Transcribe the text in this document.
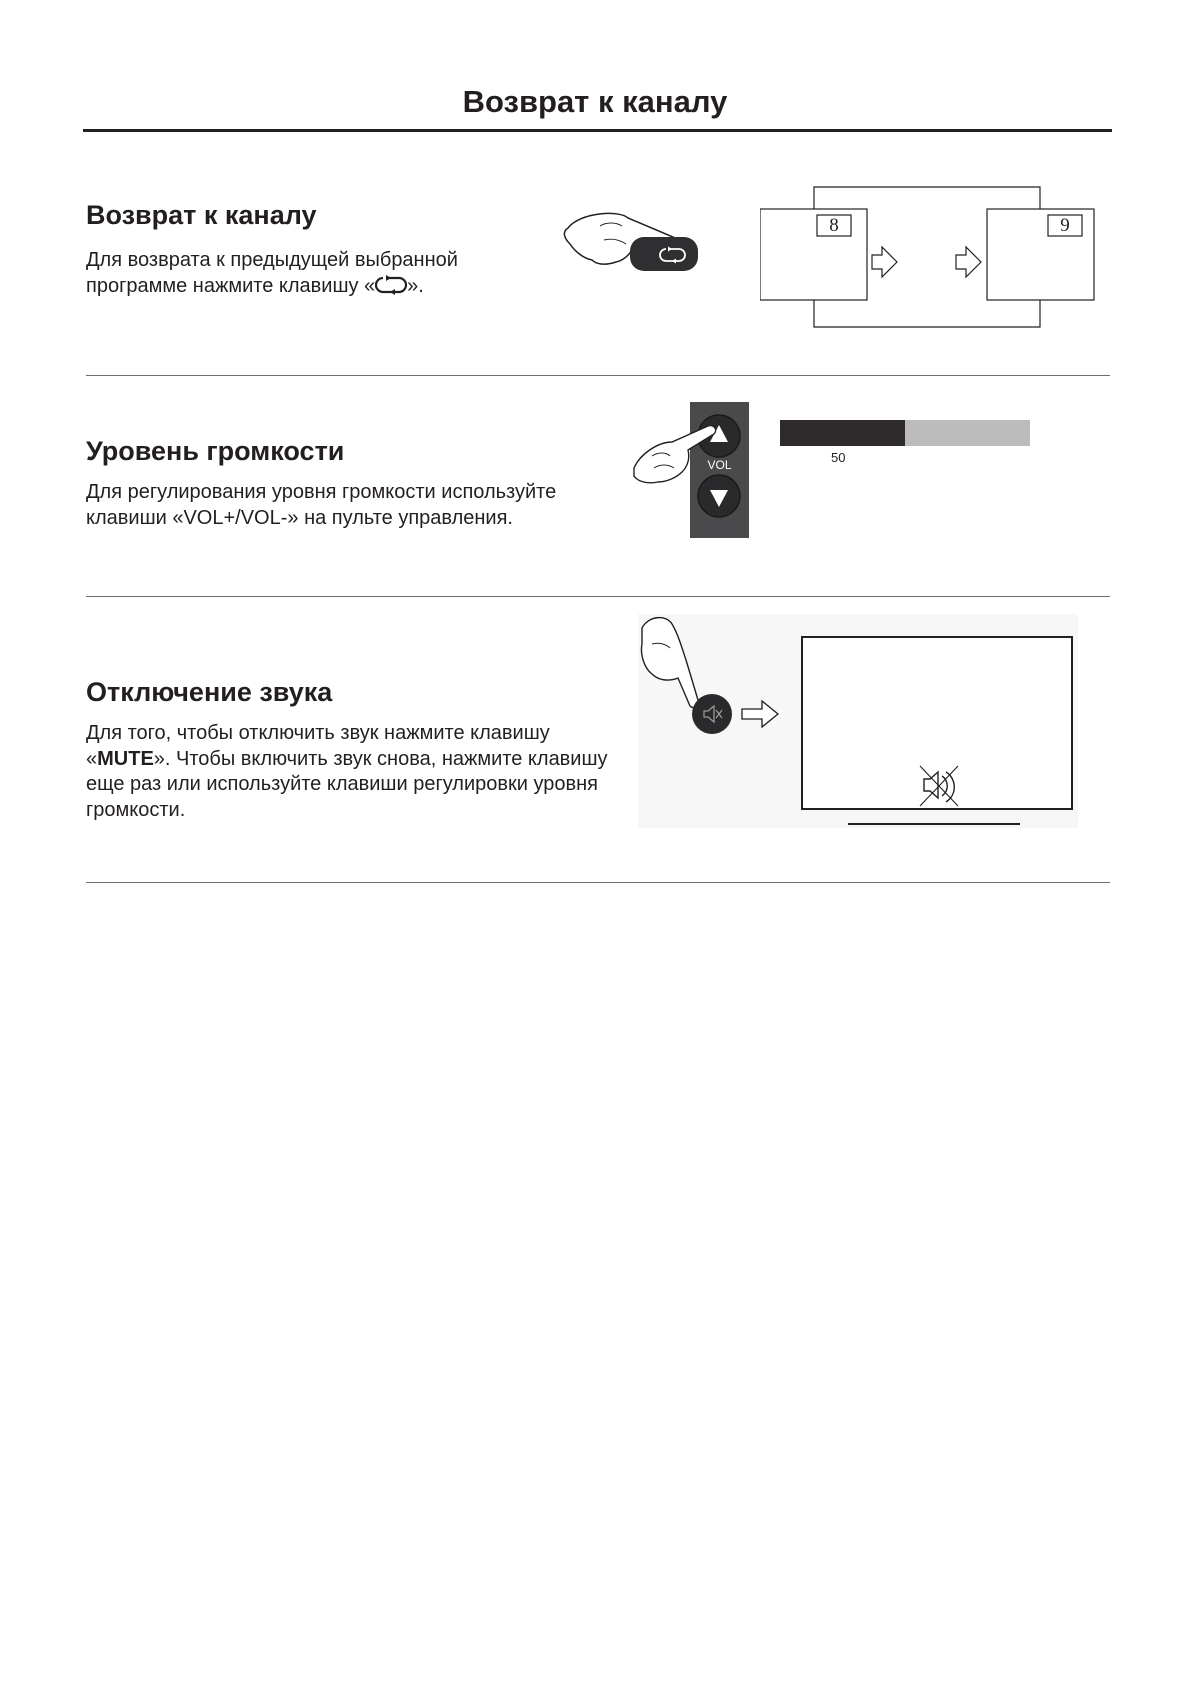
Возврат к каналу
Возврат к каналу

Для возврата к предыдущей выбранной программе нажмите клавишу « ».

8	9
Уровень громкости

Для регулирования уровня громкости используйте клавиши «VOL+/VOL-» на пульте управления.

VOL	50
Отключение звука

Для того, чтобы отключить звук нажмите клавишу «MUTE». Чтобы включить звук снова, нажмите клавишу еще раз или используйте клавиши регулировки уровня громкости.
